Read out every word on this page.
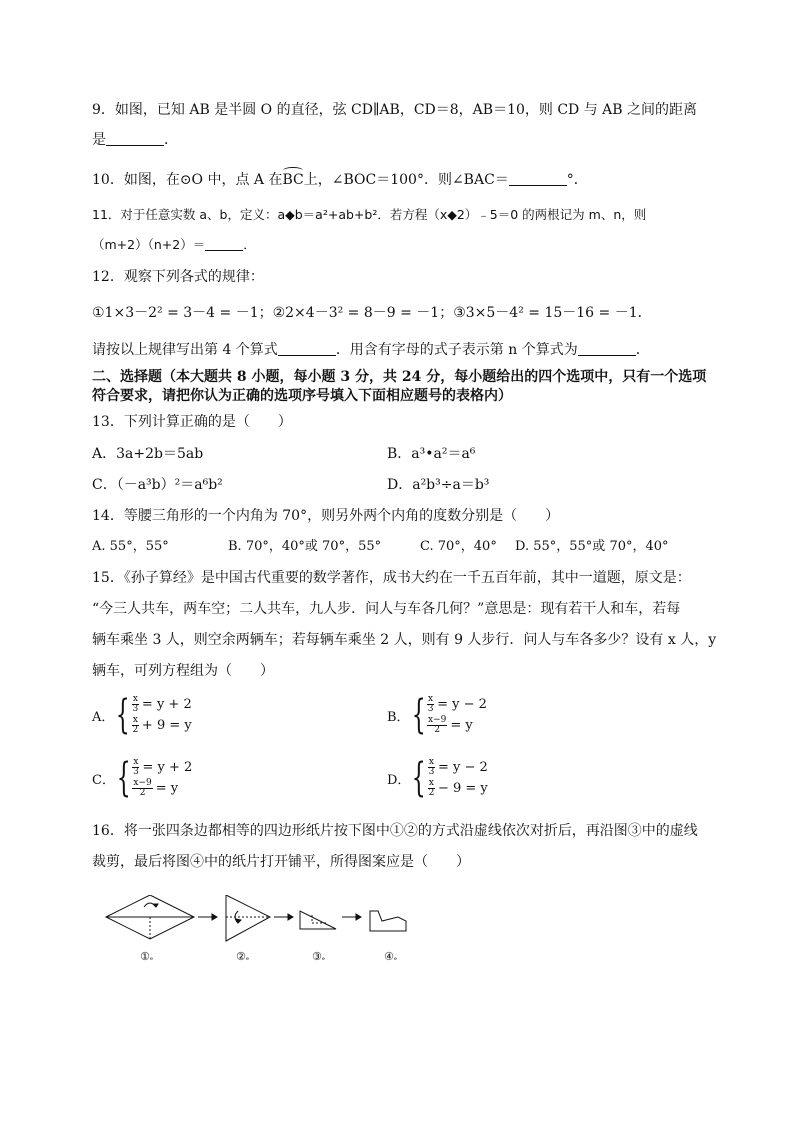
9．如图，已知 AB 是半圆 O 的直径，弦 CD∥AB，CD＝8，AB＝10，则 CD 与 AB 之间的距离
是	．
10．如图，在⊙O 中，点 A 在BC上，∠BOC＝100°．则∠BAC＝	°．
11．对于任意实数 a、b，定义：a◆b＝a²+ab+b²．若方程（x◆2）﹣5＝0 的两根记为 m、n，则
（m+2）（n+2）＝	．
12．观察下列各式的规律：
①1×3－2² = 3－4 = －1；②2×4－3² = 8－9 = －1；③3×5－4² = 15－16 = －1．
请按以上规律写出第 4 个算式	．用含有字母的式子表示第 n 个算式为	．
二、选择题（本大题共 8 小题，每小题 3 分，共 24 分，每小题给出的四个选项中，只有一个选项
符合要求，请把你认为正确的选项序号填入下面相应题号的表格内）
13．下列计算正确的是（　　）
A．3a+2b＝5ab	B．a³•a²＝a⁶
C．（－a³b）²＝a⁶b²	D．a²b³÷a＝b³
14．等腰三角形的一个内角为 70°，则另外两个内角的度数分别是（　　）
A. 55°，55°	B. 70°，40°或 70°，55°	C. 70°，40° D. 55°，55°或 70°，40°
15．《孙子算经》是中国古代重要的数学著作，成书大约在一千五百年前，其中一道题，原文是：
“今三人共车，两车空；二人共车，九人步．问人与车各几何？”意思是：现有若干人和车，若每
辆车乘坐 3 人，则空余两辆车；若每辆车乘坐 2 人，则有 9 人步行．问人与车各多少？设有 x 人，y
辆车，可列方程组为（　　）
A． { $\frac{x}{3} = y + 2$
$\frac{x}{2} + 9 = y$
B． { $\frac{x}{3} = y - 2$
$\frac{x-9}{2} = y$
C． { $\frac{x}{3} = y + 2$
$\frac{x-9}{2} = y$
D． { $\frac{x}{3} = y - 2$
$\frac{x}{2} - 9 = y$
16．将一张四条边都相等的四边形纸片按下图中①②的方式沿虚线依次对折后，再沿图③中的虚线
裁剪，最后将图④中的纸片打开铺平，所得图案应是（　　）
①ₑ	②ₑ	③ₑ	④ₑ
